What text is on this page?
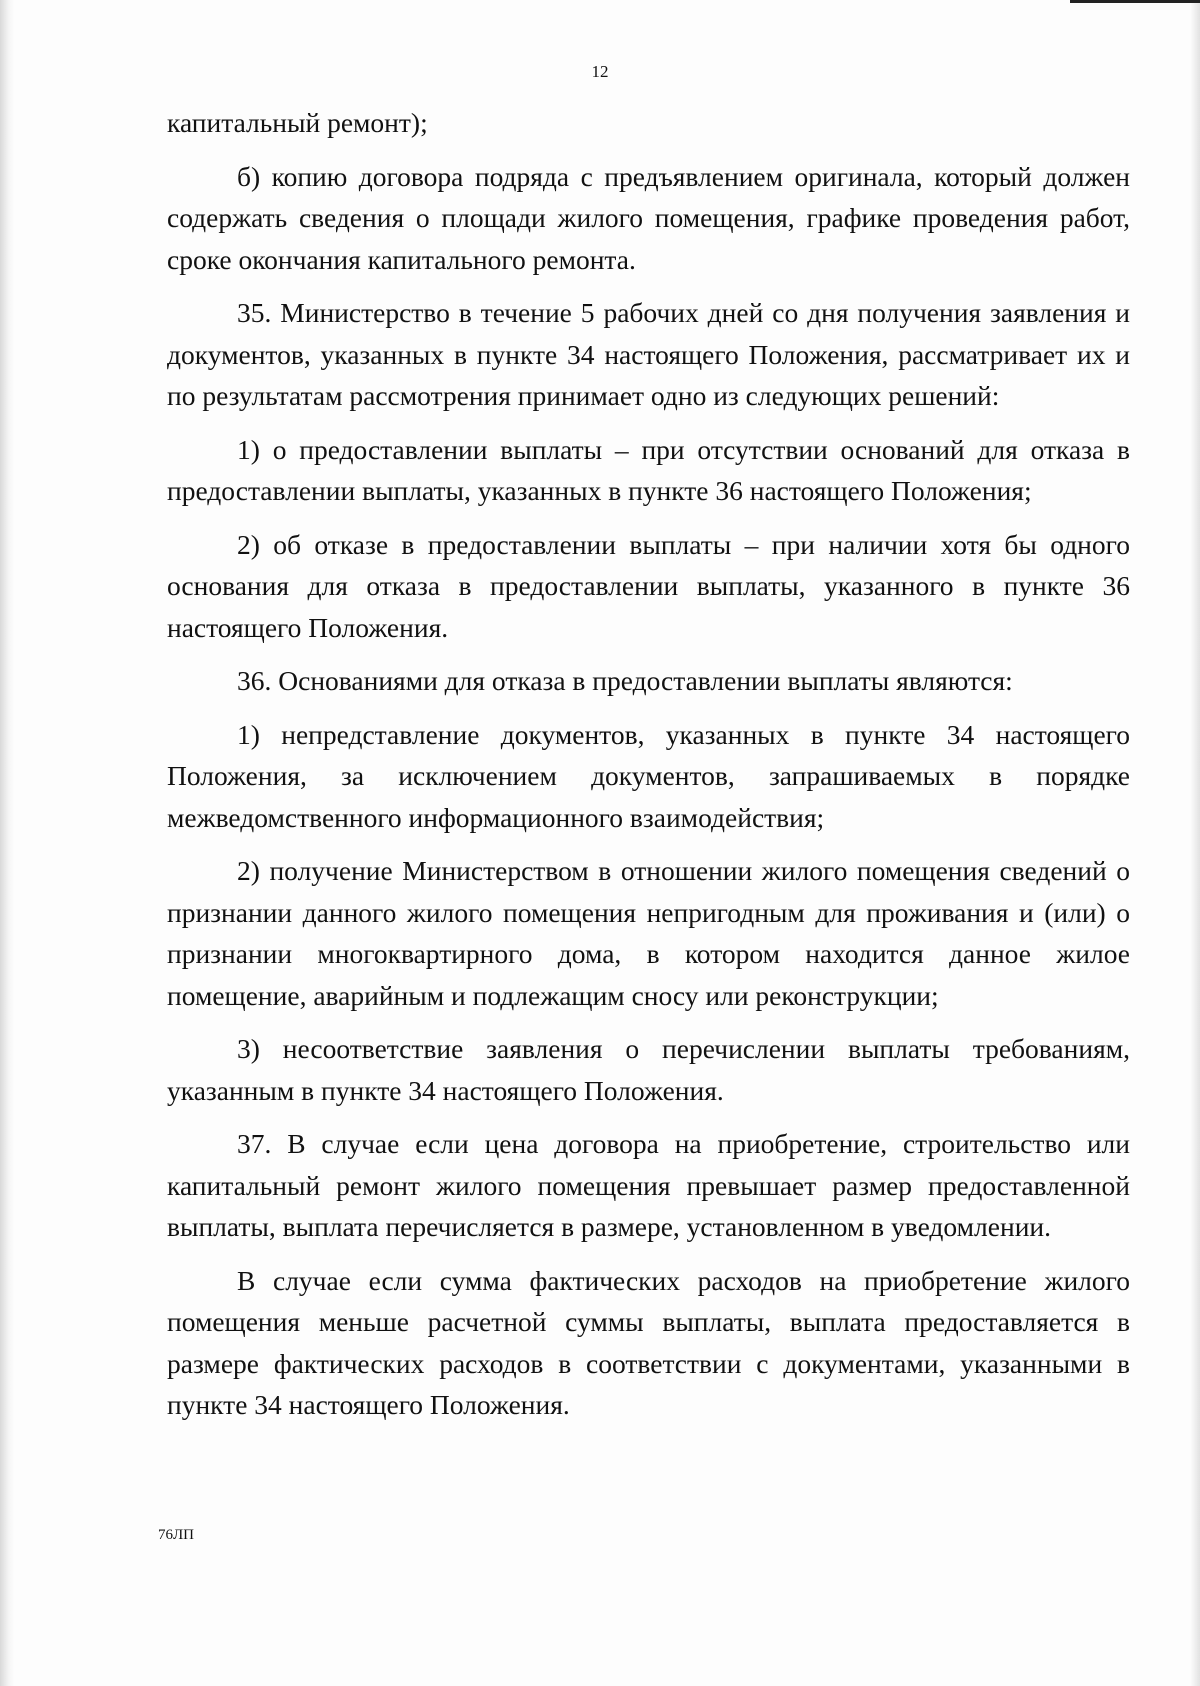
12

капитальный ремонт);

б) копию договора подряда с предъявлением оригинала, который должен содержать сведения о площади жилого помещения, графике проведения работ, сроке окончания капитального ремонта.

35. Министерство в течение 5 рабочих дней со дня получения заявления и документов, указанных в пункте 34 настоящего Положения, рассматривает их и по результатам рассмотрения принимает одно из следующих решений:

1) о предоставлении выплаты – при отсутствии оснований для отказа в предоставлении выплаты, указанных в пункте 36 настоящего Положения;

2) об отказе в предоставлении выплаты – при наличии хотя бы одного основания для отказа в предоставлении выплаты, указанного в пункте 36 настоящего Положения.

36. Основаниями для отказа в предоставлении выплаты являются:

1) непредставление документов, указанных в пункте 34 настоящего Положения, за исключением документов, запрашиваемых в порядке межведомственного информационного взаимодействия;

2) получение Министерством в отношении жилого помещения сведений о признании данного жилого помещения непригодным для проживания и (или) о признании многоквартирного дома, в котором находится данное жилое помещение, аварийным и подлежащим сносу или реконструкции;

3) несоответствие заявления о перечислении выплаты требованиям, указанным в пункте 34 настоящего Положения.

37. В случае если цена договора на приобретение, строительство или капитальный ремонт жилого помещения превышает размер предоставленной выплаты, выплата перечисляется в размере, установленном в уведомлении.

В случае если сумма фактических расходов на приобретение жилого помещения меньше расчетной суммы выплаты, выплата предоставляется в размере фактических расходов в соответствии с документами, указанными в пункте 34 настоящего Положения.

76ЛП
